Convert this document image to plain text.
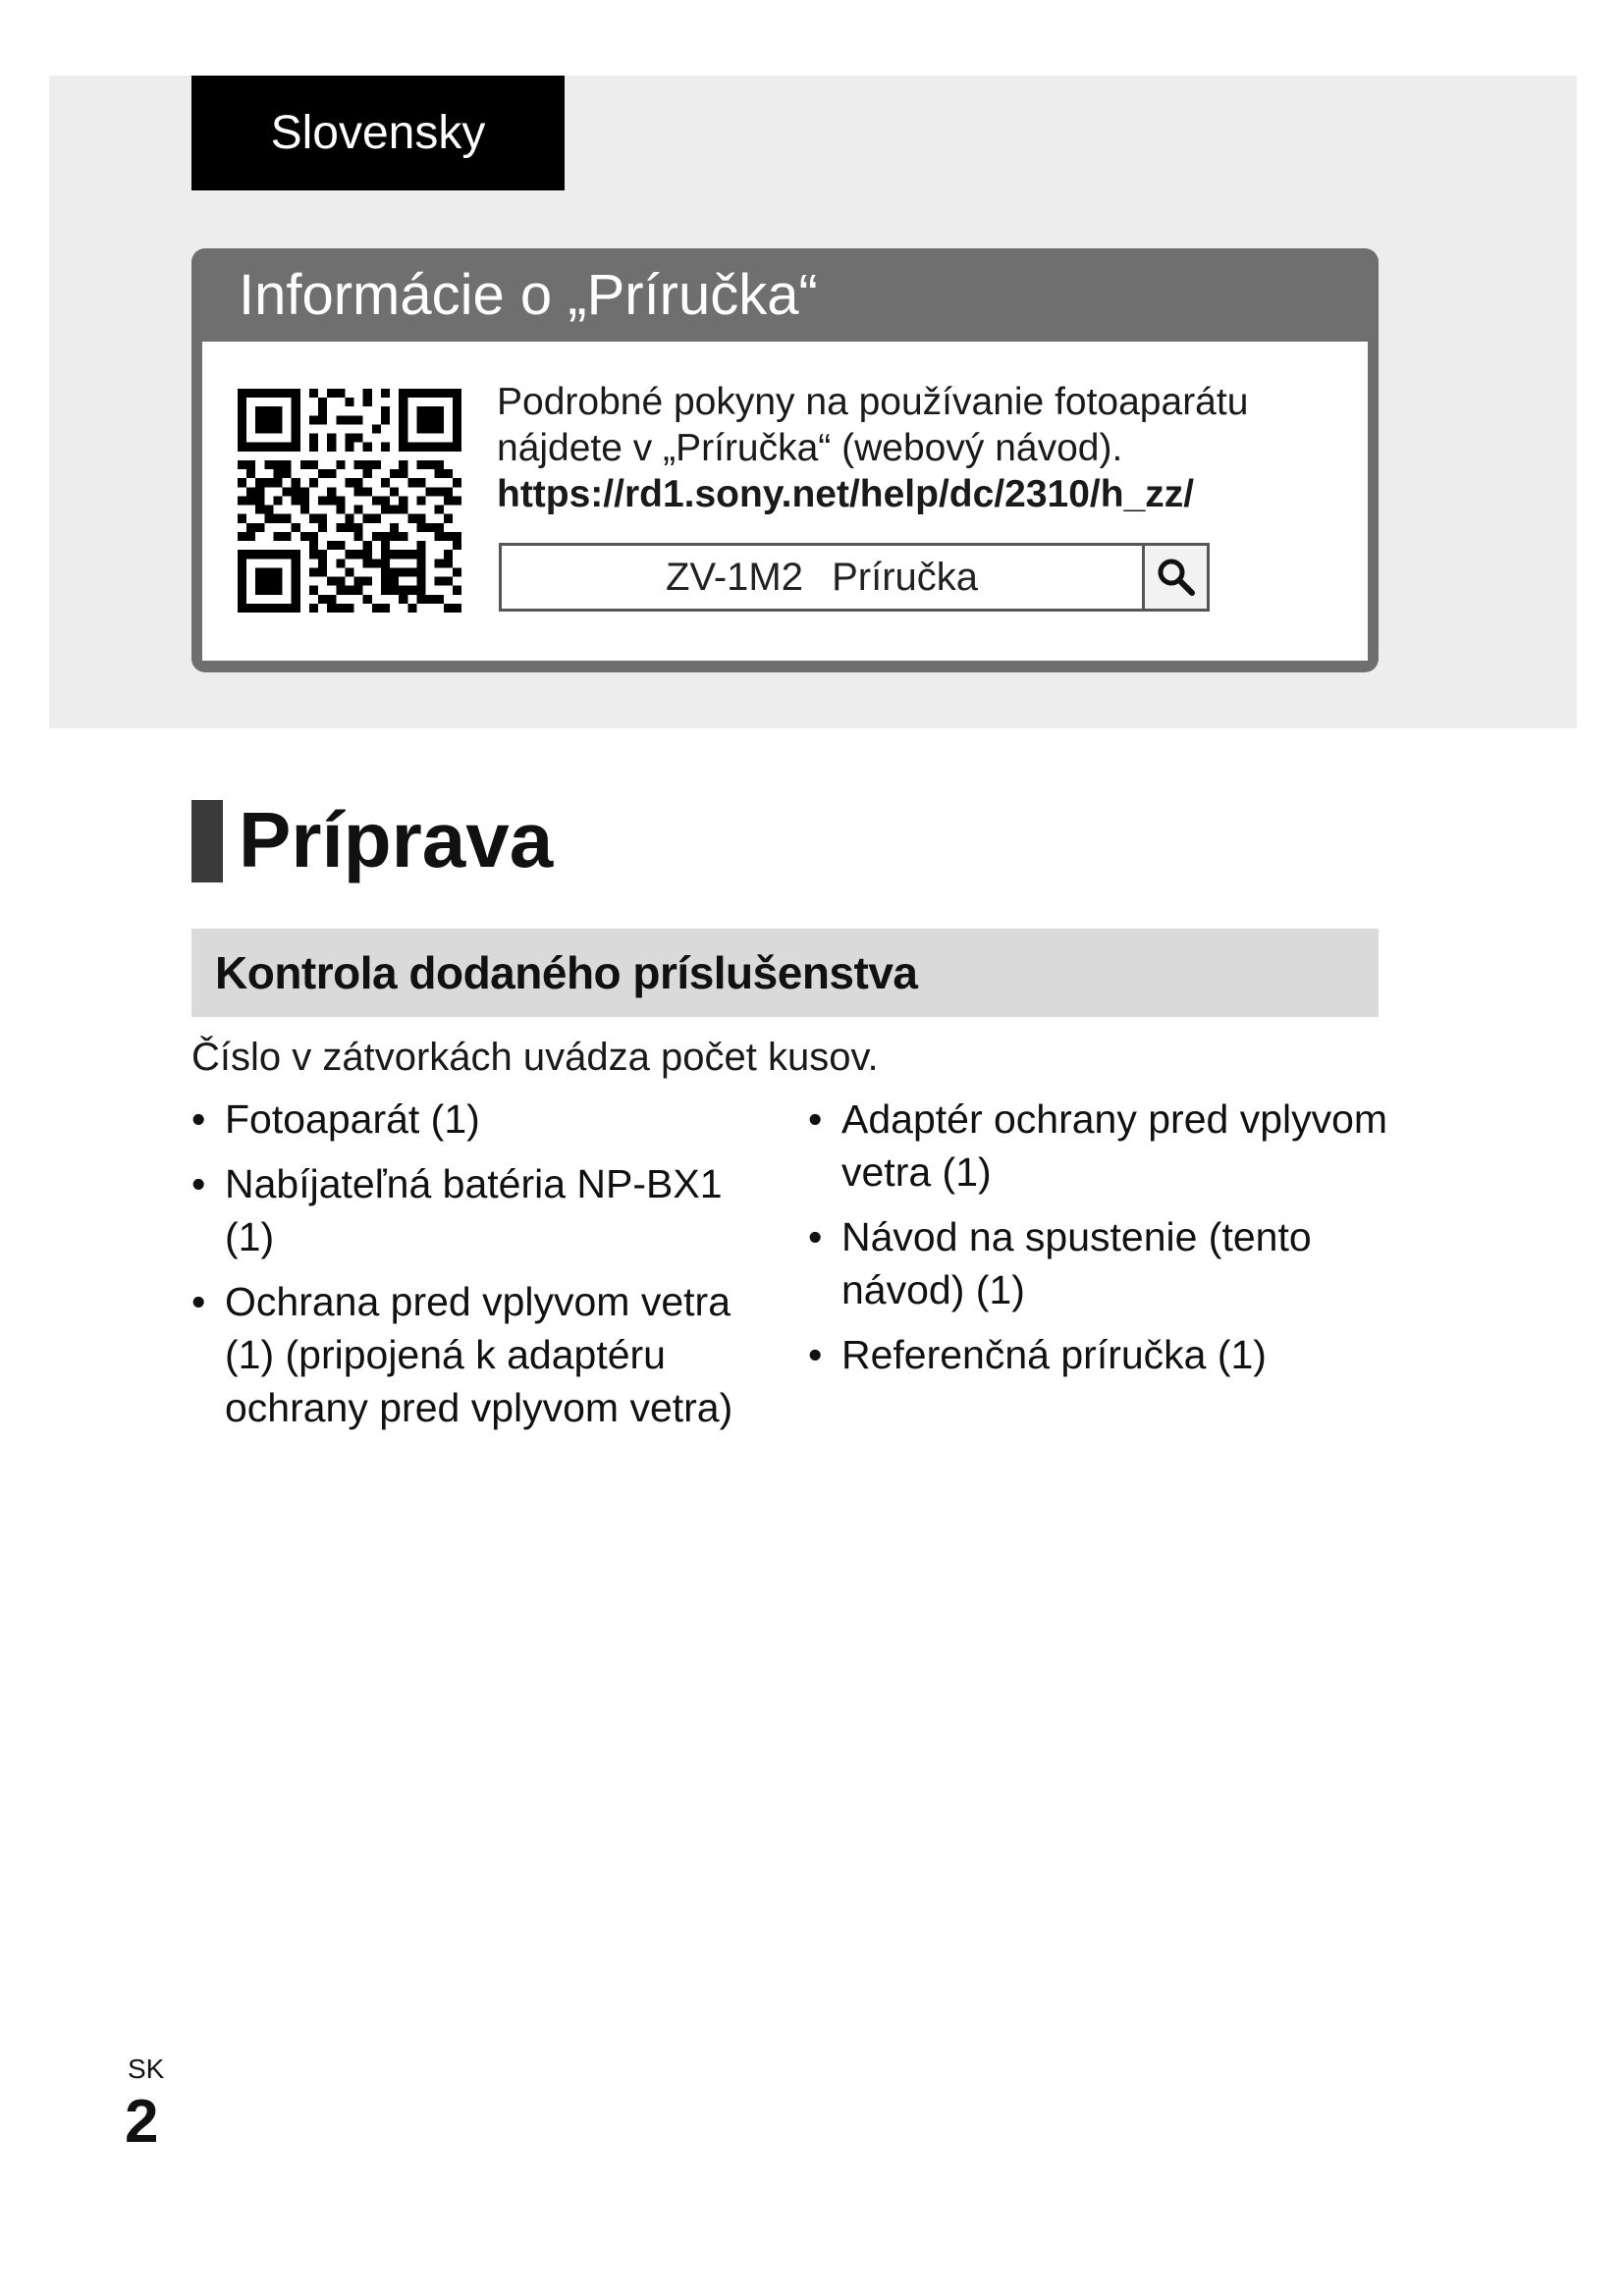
Slovensky
Informácie o „Príručka“
Podrobné pokyny na používanie fotoaparátu nájdete v „Príručka“ (webový návod).
https://rd1.sony.net/help/dc/2310/h_zz/
ZV-1M2 Príručka
Príprava
Kontrola dodaného príslušenstva

Číslo v zátvorkách uvádza počet kusov.

• Fotoaparát (1)
• Nabíjateľná batéria NP-BX1 (1)
• Ochrana pred vplyvom vetra (1) (pripojená k adaptéru ochrany pred vplyvom vetra)
• Adaptér ochrany pred vplyvom vetra (1)
• Návod na spustenie (tento návod) (1)
• Referenčná príručka (1)
SK
2
